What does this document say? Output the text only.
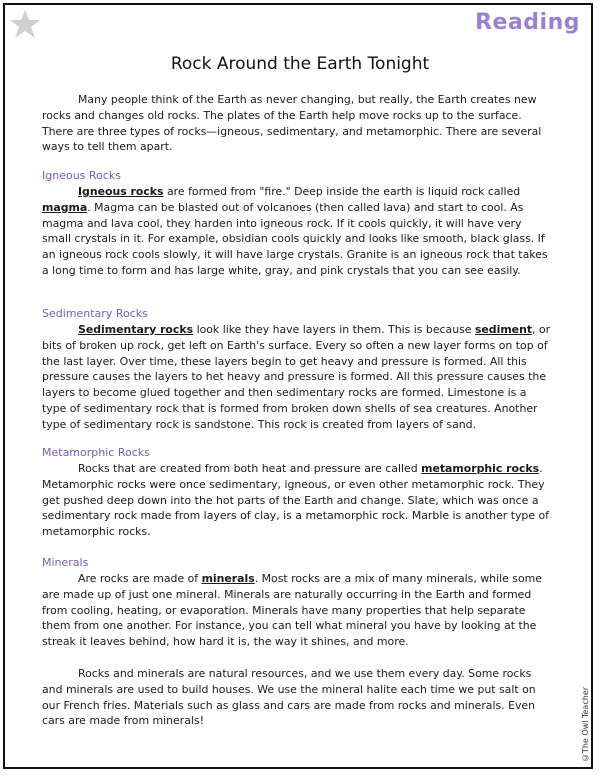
Reading
Rock Around the Earth Tonight
Many people think of the Earth as never changing, but really, the Earth creates new rocks and changes old rocks. The plates of the Earth help move rocks up to the surface. There are three types of rocks—igneous, sedimentary, and metamorphic. There are several ways to tell them apart.
Igneous Rocks
Igneous rocks are formed from "fire." Deep inside the earth is liquid rock called magma. Magma can be blasted out of volcanoes (then called lava) and start to cool. As magma and lava cool, they harden into igneous rock. If it cools quickly, it will have very small crystals in it. For example, obsidian cools quickly and looks like smooth, black glass. If an igneous rock cools slowly, it will have large crystals. Granite is an igneous rock that takes a long time to form and has large white, gray, and pink crystals that you can see easily.
Sedimentary Rocks
Sedimentary rocks look like they have layers in them. This is because sediment, or bits of broken up rock, get left on Earth's surface. Every so often a new layer forms on top of the last layer. Over time, these layers begin to get heavy and pressure is formed. All this pressure causes the layers to het heavy and pressure is formed. All this pressure causes the layers to become glued together and then sedimentary rocks are formed. Limestone is a type of sedimentary rock that is formed from broken down shells of sea creatures. Another type of sedimentary rock is sandstone. This rock is created from layers of sand.
Metamorphic Rocks
Rocks that are created from both heat and pressure are called metamorphic rocks. Metamorphic rocks were once sedimentary, igneous, or even other metamorphic rock. They get pushed deep down into the hot parts of the Earth and change. Slate, which was once a sedimentary rock made from layers of clay, is a metamorphic rock. Marble is another type of metamorphic rocks.
Minerals
Are rocks are made of minerals. Most rocks are a mix of many minerals, while some are made up of just one mineral. Minerals are naturally occurring in the Earth and formed from cooling, heating, or evaporation. Minerals have many properties that help separate them from one another. For instance, you can tell what mineral you have by looking at the streak it leaves behind, how hard it is, the way it shines, and more.
Rocks and minerals are natural resources, and we use them every day. Some rocks and minerals are used to build houses. We use the mineral halite each time we put salt on our French fries. Materials such as glass and cars are made from rocks and minerals. Even cars are made from minerals!	©The Owl Teacher
